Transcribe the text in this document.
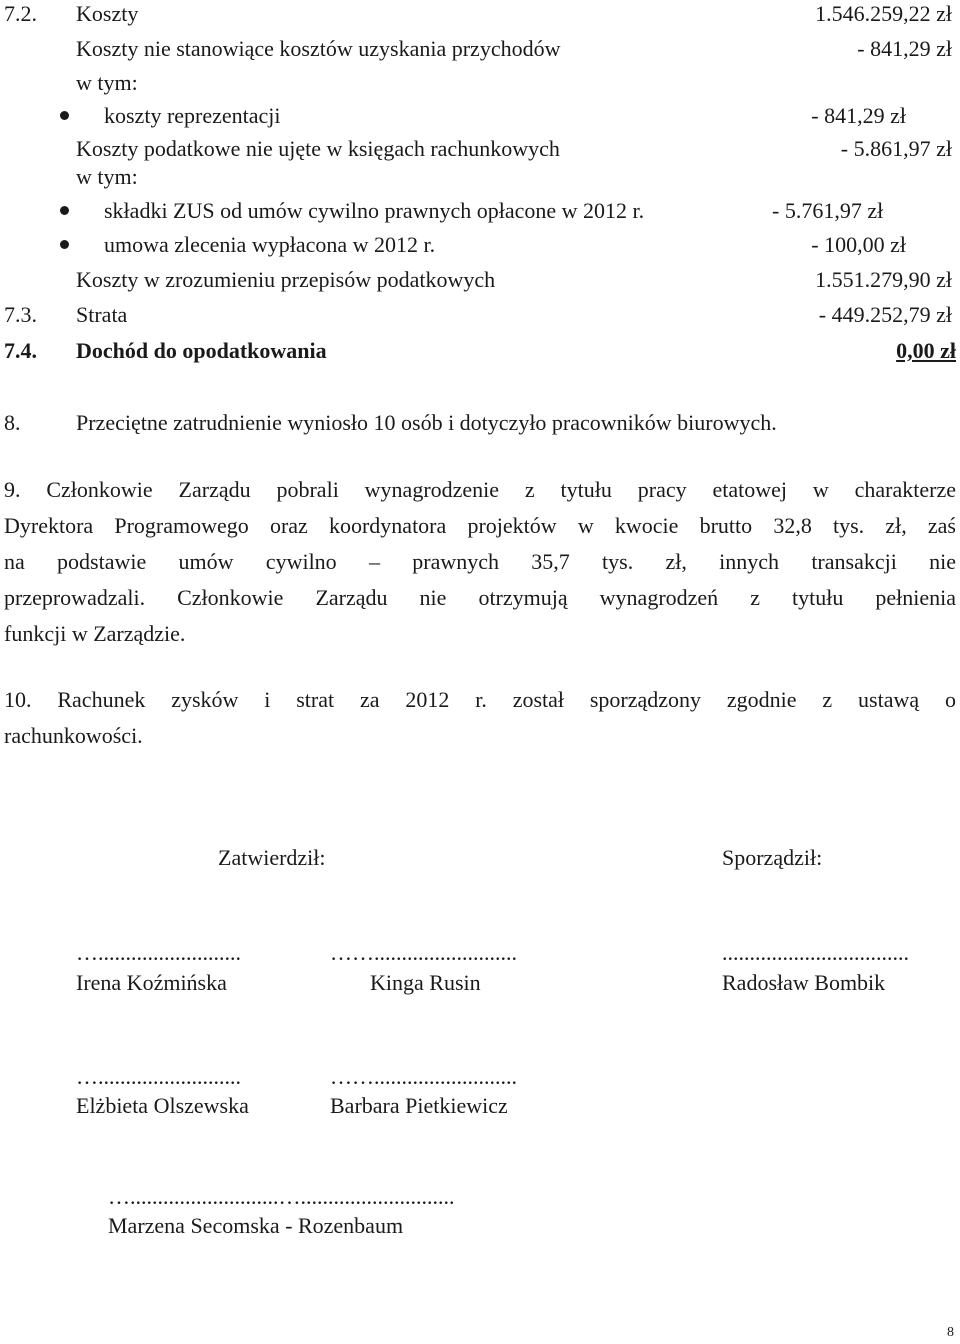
7.2. Koszty	1.546.259,22 zł
Koszty nie stanowiące kosztów uzyskania przychodów	- 841,29 zł
w tym:
koszty reprezentacji	- 841,29 zł
Koszty podatkowe nie ujęte w księgach rachunkowych	- 5.861,97 zł
w tym:
składki ZUS od umów cywilno prawnych opłacone w 2012 r.	- 5.761,97 zł
umowa zlecenia wypłacona w 2012 r.	- 100,00 zł
Koszty w zrozumieniu przepisów podatkowych	1.551.279,90 zł
7.3. Strata	- 449.252,79 zł
7.4. Dochód do opodatkowania	0,00 zł
8.	Przeciętne zatrudnienie wyniosło 10 osób i dotyczyło pracowników biurowych.
9. Członkowie Zarządu pobrali wynagrodzenie z tytułu pracy etatowej w charakterze
Dyrektora Programowego oraz koordynatora projektów w kwocie brutto 32,8 tys. zł, zaś
na podstawie umów cywilno – prawnych 35,7 tys. zł, innych transakcji nie
przeprowadzali. Członkowie Zarządu nie otrzymują wynagrodzeń z tytułu pełnienia
funkcji w Zarządzie.
10. Rachunek zysków i strat za 2012 r. został sporządzony zgodnie z ustawą o
rachunkowości.
Zatwierdził:	Sporządził:
…..........................	……..........................	..................................
Irena Koźmińska	Kinga Rusin	Radosław Bombik
…..........................	……..........................
Elżbieta Olszewska	Barbara Pietkiewicz
…...........................…............................
Marzena Secomska - Rozenbaum
8
